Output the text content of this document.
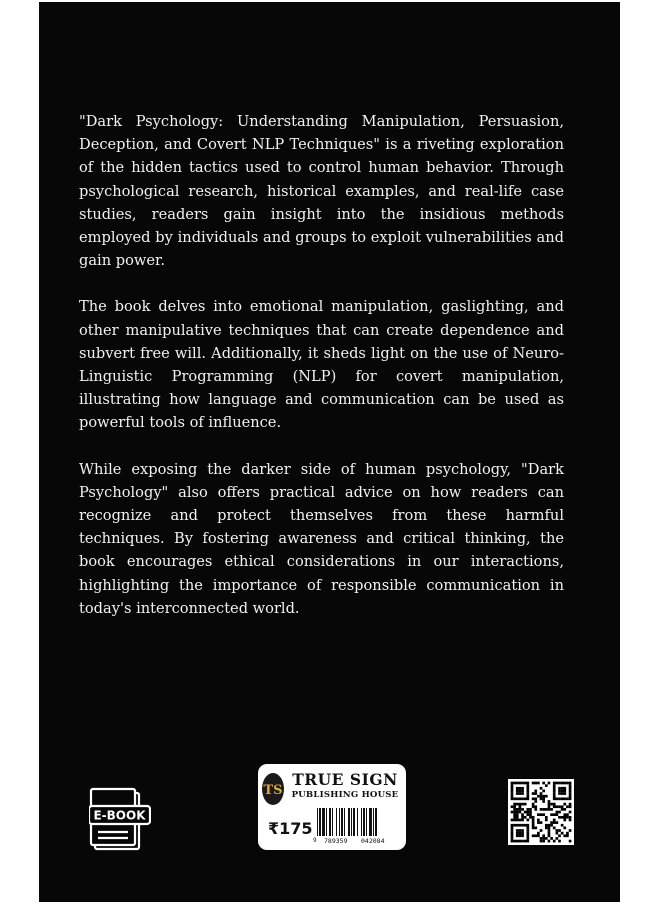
"Dark Psychology: Understanding Manipulation, Persuasion, Deception, and Covert NLP Techniques" is a riveting exploration of the hidden tactics used to control human behavior. Through psychological research, historical examples, and real-life case studies, readers gain insight into the insidious methods employed by individuals and groups to exploit vulnerabilities and gain power.

The book delves into emotional manipulation, gaslighting, and other manipulative techniques that can create dependence and subvert free will. Additionally, it sheds light on the use of Neuro-Linguistic Programming (NLP) for covert manipulation, illustrating how language and communication can be used as powerful tools of influence.

While exposing the darker side of human psychology, "Dark Psychology" also offers practical advice on how readers can recognize and protect themselves from these harmful techniques. By fostering awareness and critical thinking, the book encourages ethical considerations in our interactions, highlighting the importance of responsible communication in today's interconnected world.

E-BOOK
TS
TRUE SIGN
PUBLISHING HOUSE
₹175
9 789359 042084
